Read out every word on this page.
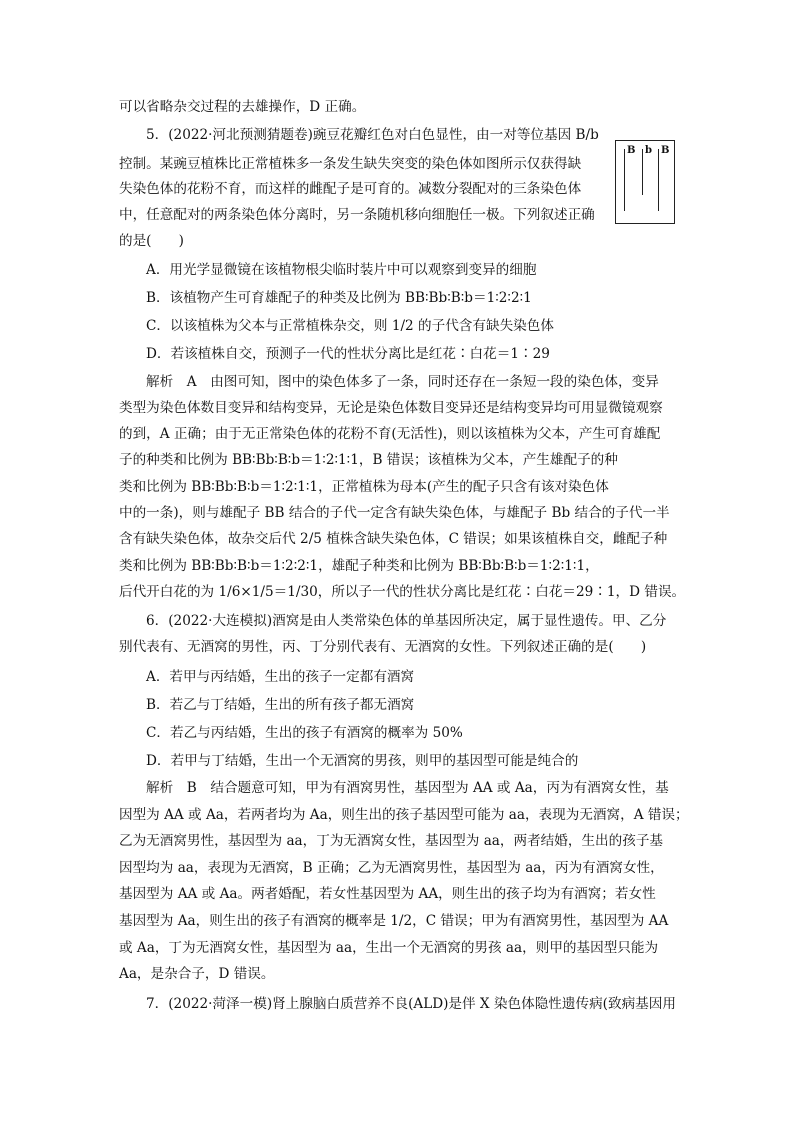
可以省略杂交过程的去雄操作，D 正确。
5．(2022·河北预测猜题卷)豌豆花瓣红色对白色显性，由一对等位基因 B/b
控制。某豌豆植株比正常植株多一条发生缺失突变的染色体如图所示仅获得缺
失染色体的花粉不育，而这样的雌配子是可育的。减数分裂配对的三条染色体
中，任意配对的两条染色体分离时，另一条随机移向细胞任一极。下列叙述正确
的是(　　)
A．用光学显微镜在该植物根尖临时装片中可以观察到变异的细胞
B．该植物产生可育雄配子的种类及比例为 BB∶Bb∶B∶b＝1∶2∶2∶1
C．以该植株为父本与正常植株杂交，则 1/2 的子代含有缺失染色体
D．若该植株自交，预测子一代的性状分离比是红花∶白花＝1∶29
解析　A　由图可知，图中的染色体多了一条，同时还存在一条短一段的染色体，变异
类型为染色体数目变异和结构变异，无论是染色体数目变异还是结构变异均可用显微镜观察
的到，A 正确；由于无正常染色体的花粉不育(无活性)，则以该植株为父本，产生可育雄配
子的种类和比例为 BB∶Bb∶B∶b＝1∶2∶1∶1，B 错误；该植株为父本，产生雄配子的种
类和比例为 BB∶Bb∶B∶b＝1∶2∶1∶1，正常植株为母本(产生的配子只含有该对染色体
中的一条)，则与雄配子 BB 结合的子代一定含有缺失染色体，与雄配子 Bb 结合的子代一半
含有缺失染色体，故杂交后代 2/5 植株含缺失染色体，C 错误；如果该植株自交，雌配子种
类和比例为 BB∶Bb∶B∶b＝1∶2∶2∶1，雄配子种类和比例为 BB∶Bb∶B∶b＝1∶2∶1∶1，
后代开白花的为 1/6×1/5＝1/30，所以子一代的性状分离比是红花∶白花＝29∶1，D 错误。
6．(2022·大连模拟)酒窝是由人类常染色体的单基因所决定，属于显性遗传。甲、乙分
别代表有、无酒窝的男性，丙、丁分别代表有、无酒窝的女性。下列叙述正确的是(　　)
A．若甲与丙结婚，生出的孩子一定都有酒窝
B．若乙与丁结婚，生出的所有孩子都无酒窝
C．若乙与丙结婚，生出的孩子有酒窝的概率为 50%
D．若甲与丁结婚，生出一个无酒窝的男孩，则甲的基因型可能是纯合的
解析　B　结合题意可知，甲为有酒窝男性，基因型为 AA 或 Aa，丙为有酒窝女性，基
因型为 AA 或 Aa，若两者均为 Aa，则生出的孩子基因型可能为 aa，表现为无酒窝，A 错误；
乙为无酒窝男性，基因型为 aa，丁为无酒窝女性，基因型为 aa，两者结婚，生出的孩子基
因型均为 aa，表现为无酒窝，B 正确；乙为无酒窝男性，基因型为 aa，丙为有酒窝女性，
基因型为 AA 或 Aa。两者婚配，若女性基因型为 AA，则生出的孩子均为有酒窝；若女性
基因型为 Aa，则生出的孩子有酒窝的概率是 1/2，C 错误；甲为有酒窝男性，基因型为 AA
或 Aa，丁为无酒窝女性，基因型为 aa，生出一个无酒窝的男孩 aa，则甲的基因型只能为
Aa，是杂合子，D 错误。
7．(2022·菏泽一模)肾上腺脑白质营养不良(ALD)是伴 X 染色体隐性遗传病(致病基因用
B b B
